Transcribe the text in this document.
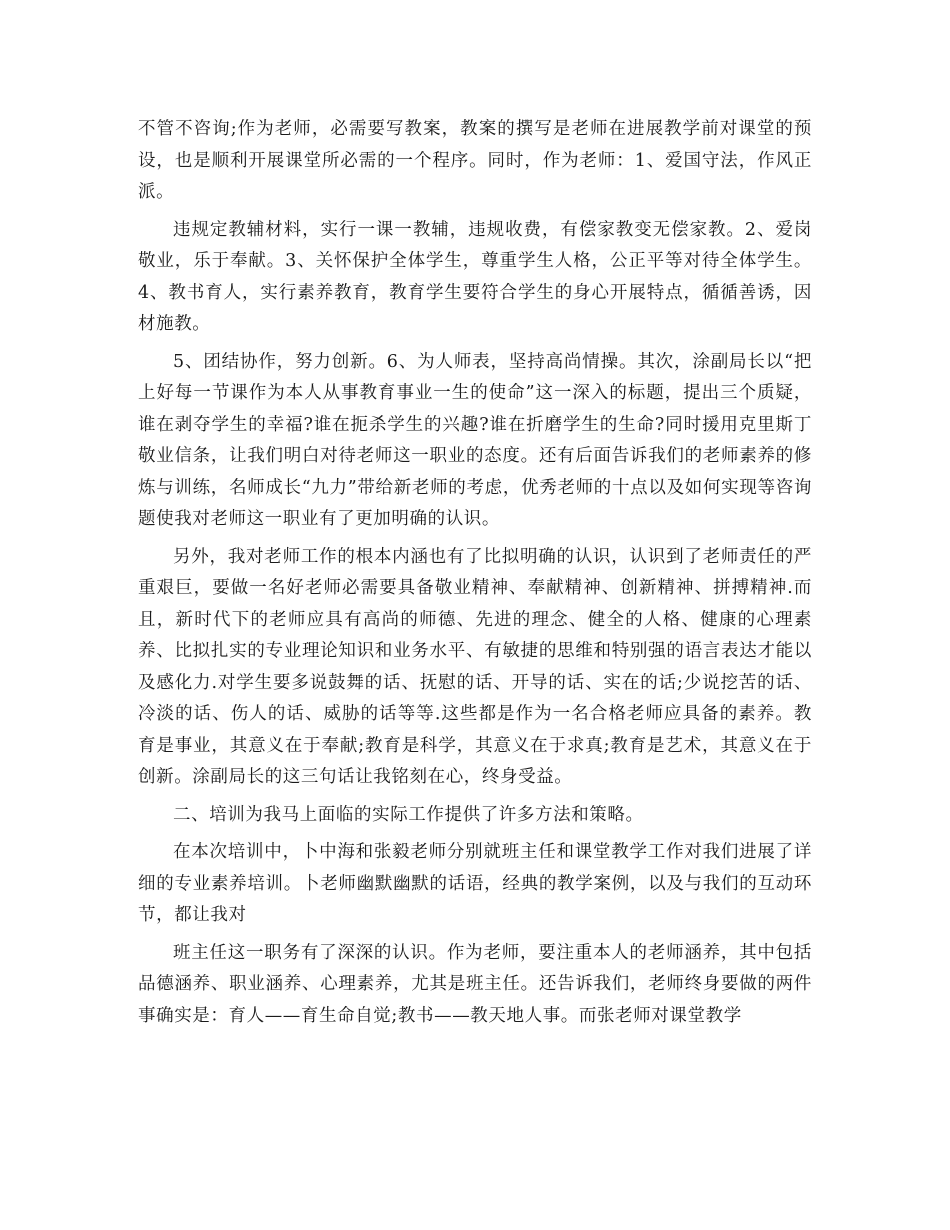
不管不咨询;作为老师，必需要写教案，教案的撰写是老师在进展教学前对课堂的预设，也是顺利开展课堂所必需的一个程序。同时，作为老师：1、爱国守法，作风正派。

违规定教辅材料，实行一课一教辅，违规收费，有偿家教变无偿家教。2、爱岗敬业，乐于奉献。3、关怀保护全体学生，尊重学生人格，公正平等对待全体学生。4、教书育人，实行素养教育，教育学生要符合学生的身心开展特点，循循善诱，因材施教。

5、团结协作，努力创新。6、为人师表，坚持高尚情操。其次，涂副局长以“把上好每一节课作为本人从事教育事业一生的使命”这一深入的标题，提出三个质疑，谁在剥夺学生的幸福?谁在扼杀学生的兴趣?谁在折磨学生的生命?同时援用克里斯丁敬业信条，让我们明白对待老师这一职业的态度。还有后面告诉我们的老师素养的修炼与训练，名师成长“九力”带给新老师的考虑，优秀老师的十点以及如何实现等咨询题使我对老师这一职业有了更加明确的认识。

另外，我对老师工作的根本内涵也有了比拟明确的认识，认识到了老师责任的严重艰巨，要做一名好老师必需要具备敬业精神、奉献精神、创新精神、拼搏精神.而且，新时代下的老师应具有高尚的师德、先进的理念、健全的人格、健康的心理素养、比拟扎实的专业理论知识和业务水平、有敏捷的思维和特别强的语言表达才能以及感化力.对学生要多说鼓舞的话、抚慰的话、开导的话、实在的话;少说挖苦的话、冷淡的话、伤人的话、威胁的话等等.这些都是作为一名合格老师应具备的素养。教育是事业，其意义在于奉献;教育是科学，其意义在于求真;教育是艺术，其意义在于创新。涂副局长的这三句话让我铭刻在心，终身受益。

二、培训为我马上面临的实际工作提供了许多方法和策略。

在本次培训中，卜中海和张毅老师分别就班主任和课堂教学工作对我们进展了详细的专业素养培训。卜老师幽默幽默的话语，经典的教学案例，以及与我们的互动环节，都让我对

班主任这一职务有了深深的认识。作为老师，要注重本人的老师涵养，其中包括品德涵养、职业涵养、心理素养，尤其是班主任。还告诉我们，老师终身要做的两件事确实是：育人——育生命自觉;教书——教天地人事。而张老师对课堂教学
